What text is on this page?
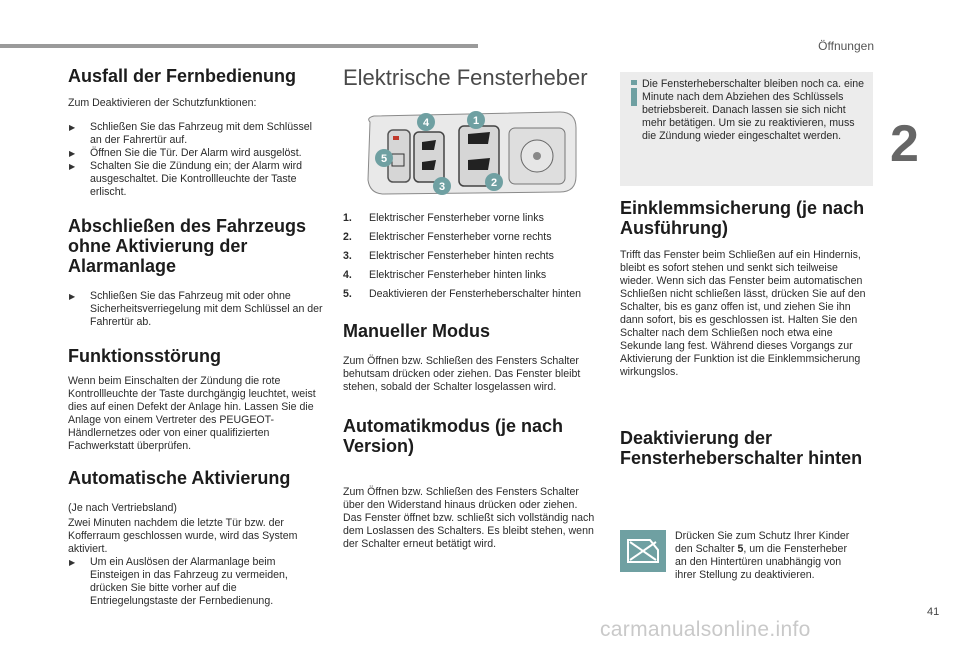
Öffnungen
2
Ausfall der Fernbedienung

Zum Deaktivieren der Schutzfunktionen:

▶ Schließen Sie das Fahrzeug mit dem Schlüssel an der Fahrertür auf.
▶ Öffnen Sie die Tür. Der Alarm wird ausgelöst.
▶ Schalten Sie die Zündung ein; der Alarm wird ausgeschaltet. Die Kontrollleuchte der Taste erlischt.
Abschließen des Fahrzeugs ohne Aktivierung der Alarmanlage
▶ Schließen Sie das Fahrzeug mit oder ohne Sicherheitsverriegelung mit dem Schlüssel an der Fahrertür ab.
Funktionsstörung

Wenn beim Einschalten der Zündung die rote Kontrollleuchte der Taste durchgängig leuchtet, weist dies auf einen Defekt der Anlage hin. Lassen Sie die Anlage von einem Vertreter des PEUGEOT-Händlernetzes oder von einer qualifizierten Fachwerkstatt überprüfen.

Automatische Aktivierung

(Je nach Vertriebsland)

Zwei Minuten nachdem die letzte Tür bzw. der Kofferraum geschlossen wurde, wird das System aktiviert.

▶ Um ein Auslösen der Alarmanlage beim Einsteigen in das Fahrzeug zu vermeiden, drücken Sie bitte vorher auf die Entriegelungstaste der Fernbedienung.
Elektrische Fensterheber
1
2
3
4
5
1. Elektrischer Fensterheber vorne links
2. Elektrischer Fensterheber vorne rechts
3. Elektrischer Fensterheber hinten rechts
4. Elektrischer Fensterheber hinten links
5. Deaktivieren der Fensterheberschalter hinten
Manueller Modus

Zum Öffnen bzw. Schließen des Fensters Schalter behutsam drücken oder ziehen. Das Fenster bleibt stehen, sobald der Schalter losgelassen wird.

Automatikmodus (je nach Version)

Zum Öffnen bzw. Schließen des Fensters Schalter über den Widerstand hinaus drücken oder ziehen. Das Fenster öffnet bzw. schließt sich vollständig nach dem Loslassen des Schalters. Es bleibt stehen, wenn der Schalter erneut betätigt wird.

Die Fensterheberschalter bleiben noch ca. eine Minute nach dem Abziehen des Schlüssels betriebsbereit. Danach lassen sie sich nicht mehr betätigen. Um sie zu reaktivieren, muss die Zündung wieder eingeschaltet werden.
Einklemmsicherung (je nach Ausführung)

Trifft das Fenster beim Schließen auf ein Hindernis, bleibt es sofort stehen und senkt sich teilweise wieder. Wenn sich das Fenster beim automatischen Schließen nicht schließen lässt, drücken Sie auf den Schalter, bis es ganz offen ist, und ziehen Sie ihn dann sofort, bis es geschlossen ist. Halten Sie den Schalter nach dem Schließen noch etwa eine Sekunde lang fest. Während dieses Vorgangs zur Aktivierung der Funktion ist die Einklemmsicherung wirkungslos.

Deaktivierung der Fensterheberschalter hinten

Drücken Sie zum Schutz Ihrer Kinder den Schalter 5, um die Fensterheber an den Hintertüren unabhängig von ihrer Stellung zu deaktivieren.

41
carmanualsonline.info
